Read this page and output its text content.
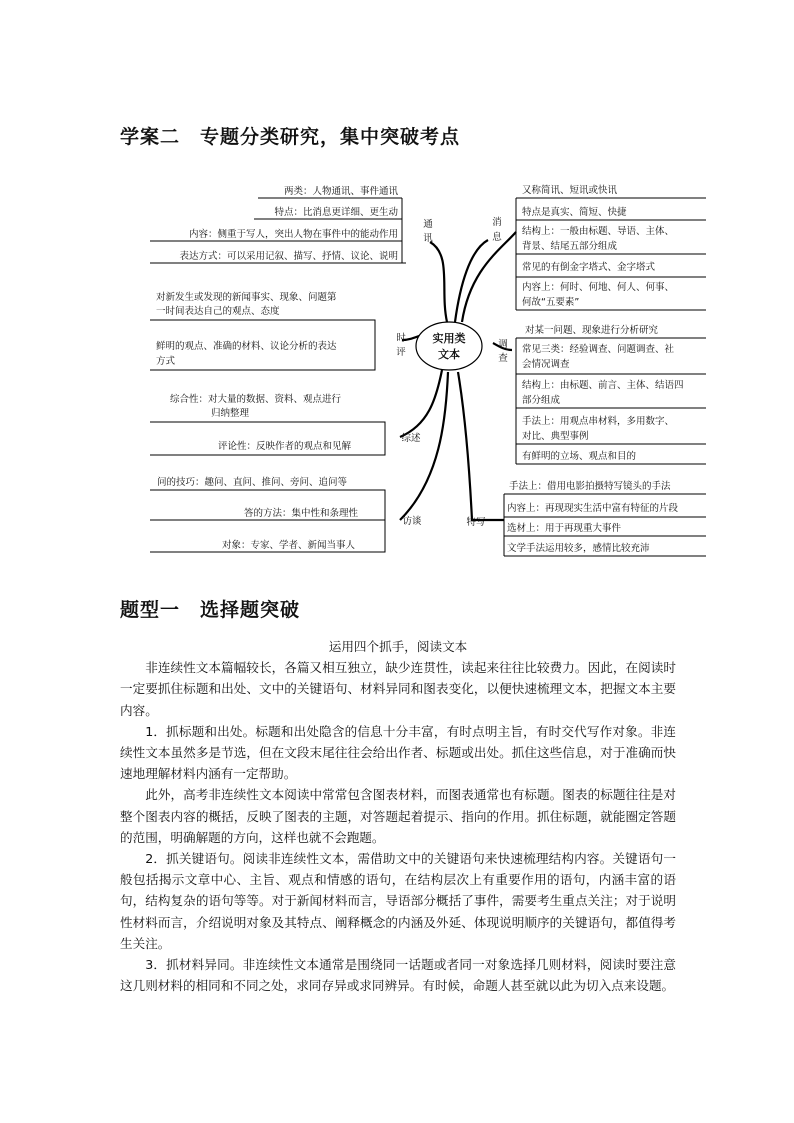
学案二　专题分类研究，集中突破考点
实用类
文本
通
讯
两类：人物通讯、事件通讯
特点：比消息更详细、更生动
内容：侧重于写人，突出人物在事件中的能动作用
表达方式：可以采用记叙、描写、抒情、议论、说明
时
评
对新发生或发现的新闻事实、现象、问题第
一时间表达自己的观点、态度
鲜明的观点、准确的材料、议论分析的表达
方式
综述
综合性：对大量的数据、资料、观点进行
归纳整理
评论性：反映作者的观点和见解
访谈
问的技巧：趣问、直问、推问、旁问、追问等
答的方法：集中性和条理性
对象：专家、学者、新闻当事人
消
息
又称简讯、短讯或快讯
特点是真实、简短、快捷
结构上：一般由标题、导语、主体、
背景、结尾五部分组成
常见的有倒金字塔式、金字塔式
内容上：何时、何地、何人、何事、
何故“五要素”
调
查
对某一问题、现象进行分析研究
常见三类：经验调查、问题调查、社
会情况调查
结构上：由标题、前言、主体、结语四
部分组成
手法上：用观点串材料，多用数字、
对比、典型事例
有鲜明的立场、观点和目的
特写
手法上：借用电影拍摄特写镜头的手法
内容上：再现现实生活中富有特征的片段
选材上：用于再现重大事件
文学手法运用较多，感情比较充沛
题型一　选择题突破

运用四个抓手，阅读文本

非连续性文本篇幅较长，各篇又相互独立，缺少连贯性，读起来往往比较费力。因此，在阅读时一定要抓住标题和出处、文中的关键语句、材料异同和图表变化，以便快速梳理文本，把握文本主要内容。

1．抓标题和出处。标题和出处隐含的信息十分丰富，有时点明主旨，有时交代写作对象。非连续性文本虽然多是节选，但在文段末尾往往会给出作者、标题或出处。抓住这些信息，对于准确而快速地理解材料内涵有一定帮助。

此外，高考非连续性文本阅读中常常包含图表材料，而图表通常也有标题。图表的标题往往是对整个图表内容的概括，反映了图表的主题，对答题起着提示、指向的作用。抓住标题，就能圈定答题的范围，明确解题的方向，这样也就不会跑题。

2．抓关键语句。阅读非连续性文本，需借助文中的关键语句来快速梳理结构内容。关键语句一般包括揭示文章中心、主旨、观点和情感的语句，在结构层次上有重要作用的语句，内涵丰富的语句，结构复杂的语句等等。对于新闻材料而言，导语部分概括了事件，需要考生重点关注；对于说明性材料而言，介绍说明对象及其特点、阐释概念的内涵及外延、体现说明顺序的关键语句，都值得考生关注。

3．抓材料异同。非连续性文本通常是围绕同一话题或者同一对象选择几则材料，阅读时要注意这几则材料的相同和不同之处，求同存异或求同辨异。有时候，命题人甚至就以此为切入点来设题。
